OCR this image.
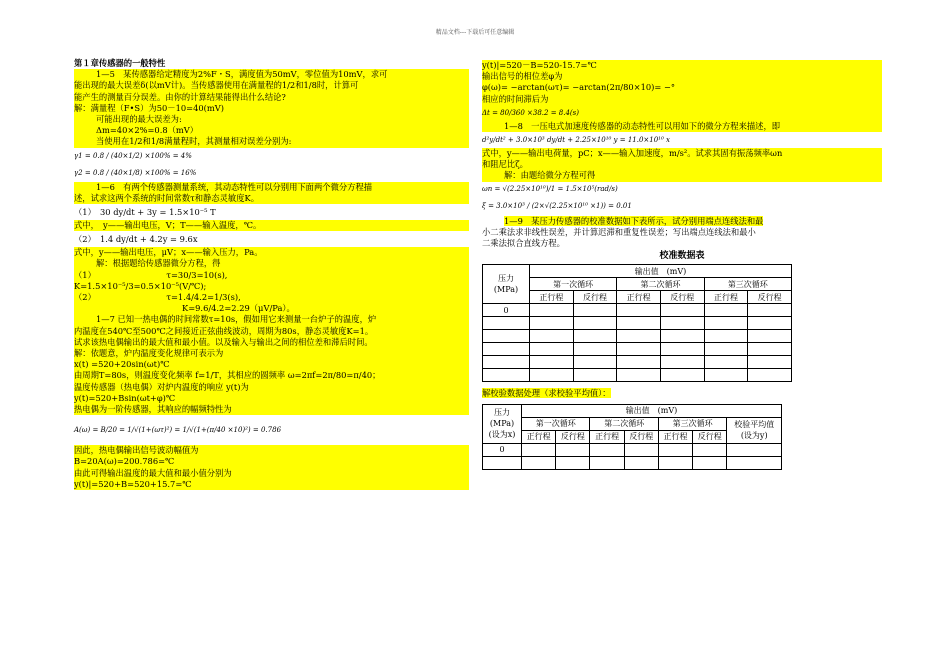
精品文档---下载后可任意编辑
第１章传感器的一般特性
1—5　某传感器给定精度为2%F・S，满度值为50mV，零位值为10mV，求可
能出现的最大误差δ(以mV计)。当传感器使用在满量程的1/2和1/8时，计算可
能产生的测量百分误差。由你的计算结果能得出什么结论?
解：满量程（F•S）为50－10=40(mV)
可能出现的最大误差为:
Δm=40×2%=0.8（mV）
当使用在1/2和1/8满量程时，其测量相对误差分别为:
γ1 = 0.8 / (40×1/2) ×100% = 4%
γ2 = 0.8 / (40×1/8) ×100% = 16%
1—6　有两个传感器测量系统，其动态特性可以分别用下面两个微分方程描
述，试求这两个系统的时间常数τ和静态灵敏度K。
（1）　30 dy/dt + 3y = 1.5×10⁻⁵ T
式中，　y——输出电压，V；T——输入温度，℃。
（2）　1.4 dy/dt + 4.2y = 9.6x
式中，y——输出电压，μV；x——输入压力，Pa。
解：根据题给传感器微分方程，得
（1）　　　　　　　　　τ=30/3=10(s),
K=1.5×10⁻⁵/3=0.5×10⁻⁵(V/℃);
（2）　　　　　　　　　τ=1.4/4.2=1/3(s),
K=9.6/4.2=2.29（μV/Pa）。
1—7 已知一热电偶的时间常数τ=10s，假如用它来测量一台炉子的温度，炉
内温度在540℃至500℃之间接近正弦曲线波动，周期为80s，静态灵敏度K=1。
试求该热电偶输出的最大值和最小值。以及输入与输出之间的相位差和滞后时间。
解：依题意，炉内温度变化规律可表示为
x(t) =520+20sin(ωt)℃
由周期T=80s，则温度变化频率 f=1/T，其相应的圆频率 ω=2πf=2π/80=π/40；
温度传感器（热电偶）对炉内温度的响应 y(t)为
y(t)=520+Bsin(ωt+φ)℃
热电偶为一阶传感器，其响应的幅频特性为
A(ω) = B/20 = 1/√(1+(ωτ)²) = 1/√(1+(π/40 ×10)²) = 0.786
因此，热电偶输出信号波动幅值为
B=20A(ω)=200.786=℃
由此可得输出温度的最大值和最小值分别为
y(t)|=520+B=520+15.7=℃
y(t)|=520－B=520-15.7=℃
输出信号的相位差φ为
φ(ω)= −arctan(ωτ)= −arctan(2π/80×10)= −°
相应的时间滞后为
Δt = 80/360 ×38.2 = 8.4(s)
1—8　一压电式加速度传感器的动态特性可以用如下的微分方程来描述，即
d²y/dt² + 3.0×10³ dy/dt + 2.25×10¹⁰ y = 11.0×10¹⁰ x
式中，y——输出电荷量，pC；x——输入加速度，m/s²。试求其固有振荡频率ωn
和阻尼比ζ。
解：由题给微分方程可得
ωn = √(2.25×10¹⁰)/1 = 1.5×10⁵(rad/s)
ξ = 3.0×10³ / (2×√(2.25×10¹⁰ ×1)) = 0.01
1—9　某压力传感器的校准数据如下表所示，试分别用端点连线法和最
小二乘法求非线性误差，并计算迟滞和重复性误差；写出端点连线法和最小
二乘法拟合直线方程。
校准数据表
压力
(MPa)	输出值　(mV)					
	第一次循环		第二次循环		第三次循环	
	正行程	反行程	正行程	反行程	正行程	反行程
0						

解校验数据处理（求校验平均值）：
压力
(MPa)
(设为x)	输出值　(mV)						
	第一次循环		第二次循环		第三次循环		校验平均值
(设为y)
	正行程	反行程	正行程	反行程	正行程	反行程	
0							
